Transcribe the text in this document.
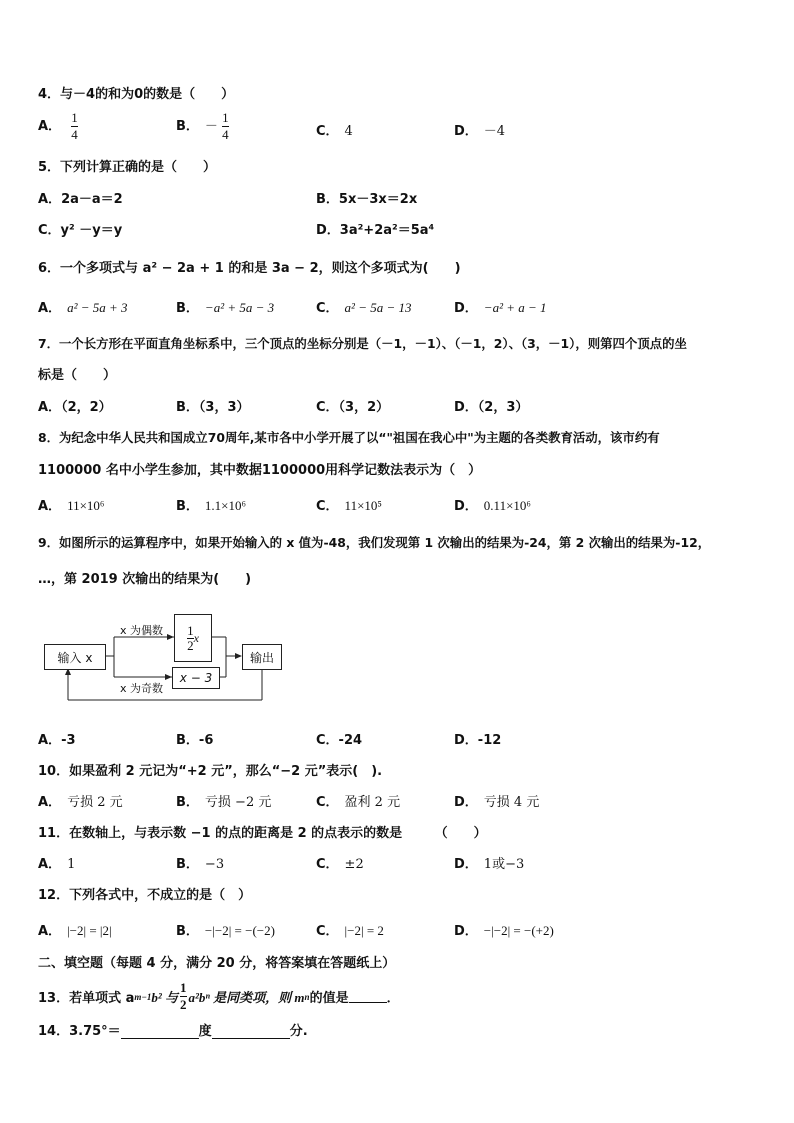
4．与－4的和为0的数是（　　）
A． $\frac{1}{4}$	B． － $\frac{1}{4}$	C． 4	D． －4
5．下列计算正确的是（　　）
A．2a－a＝2	B．5x－3x＝2x
C．y² －y＝y	D．3a²+2a²＝5a⁴
6．一个多项式与 a² − 2a + 1 的和是 3a − 2，则这个多项式为(　　)
A． a² − 5a + 3	B． −a² + 5a − 3	C． a² − 5a − 13	D． −a² + a − 1
7．一个长方形在平面直角坐标系中，三个顶点的坐标分别是（－1，－1）、（－1，2）、（3，－1），则第四个顶点的坐
标是（　　）
A．（2，2）	B．（3，3）	C．（3，2）	D．（2，3）
8．为纪念中华人民共和国成立70周年,某市各中小学开展了以“"祖国在我心中"为主题的各类教育活动，该市约有
1100000 名中小学生参加，其中数据1100000用科学记数法表示为（　）
A． 11×10⁶	B． 1.1×10⁶	C． 11×10⁵	D． 0.11×10⁶
9．如图所示的运算程序中，如果开始输入的 x 值为-48，我们发现第 1 次输出的结果为-24，第 2 次输出的结果为-12，
…，第 2019 次输出的结果为(　　)
输入 x
x 为偶数 $\frac{1}{2}$ x
x − 3
x 为奇数
输出
A．-3	B．-6	C．-24	D．-12
10．如果盈利 2 元记为“+2 元”，那么“−2 元”表示(　).
A． 亏损 2 元	B． 亏损 −2 元	C． 盈利 2 元	D． 亏损 4 元
11．在数轴上，与表示数 −1 的点的距离是 2 的点表示的数是　　　（　　）
A． 1	B． −3	C． ±2	D． 1或−3
12．下列各式中，不成立的是（　）
A． |−2| = |2|	B． −|−2| = −(−2)	C． |−2| = 2	D． −|−2| = −(+2)
二、填空题（每题 4 分，满分 20 分，将答案填在答题纸上）
13．若单项式 a m−1 b² 与 $\frac{1}{2} a^2b^n$ 是同类项，则 m n 的值是	．
14．3.75°＝	度	分.
